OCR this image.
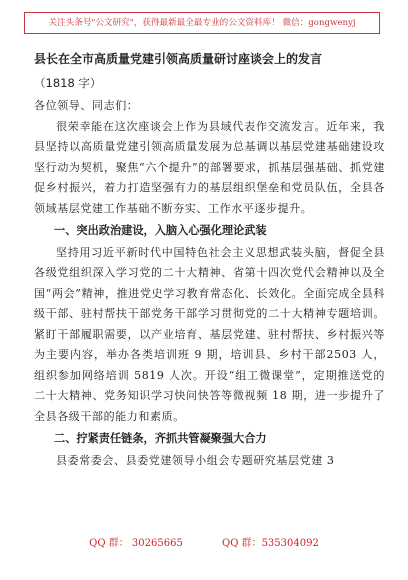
关注头条号"公文研究"，获得最新最全最专业的公文资料库！ 微信：gongwenyj
县长在全市高质量党建引领高质量研讨座谈会上的发言
（1818 字）

各位领导、同志们：

很荣幸能在这次座谈会上作为县域代表作交流发言。近年来，我县坚持以高质量党建引领高质量发展为总基调以基层党建基础建设攻坚行动为契机，聚焦“六个提升”的部署要求，抓基层强基础、抓党建促乡村振兴，着力打造坚强有力的基层组织堡垒和党员队伍，全县各领域基层党建工作基础不断夯实、工作水平逐步提升。

一、突出政治建设，入脑入心强化理论武装

坚持用习近平新时代中国特色社会主义思想武装头脑，督促全县各级党组织深入学习党的二十大精神、省第十四次党代会精神以及全国“两会”精神，推进党史学习教育常态化、长效化。全面完成全县科级干部、驻村帮扶干部党务干部学习贯彻党的二十大精神专题培训。紧盯干部履职需要，以产业培育、基层党建、驻村帮扶、乡村振兴等为主要内容，举办各类培训班 9 期，培训县、乡村干部2503 人，组织参加网络培训 5819 人次。开设“组工微课堂”，定期推送党的二十大精神、党务知识学习快问快答等微视频 18 期，进一步提升了全县各级干部的能力和素质。

二、拧紧责任链条，齐抓共管凝聚强大合力

县委常委会、县委党建领导小组会专题研究基层党建 3

QQ 群： 30265665	QQ 群：535304092
